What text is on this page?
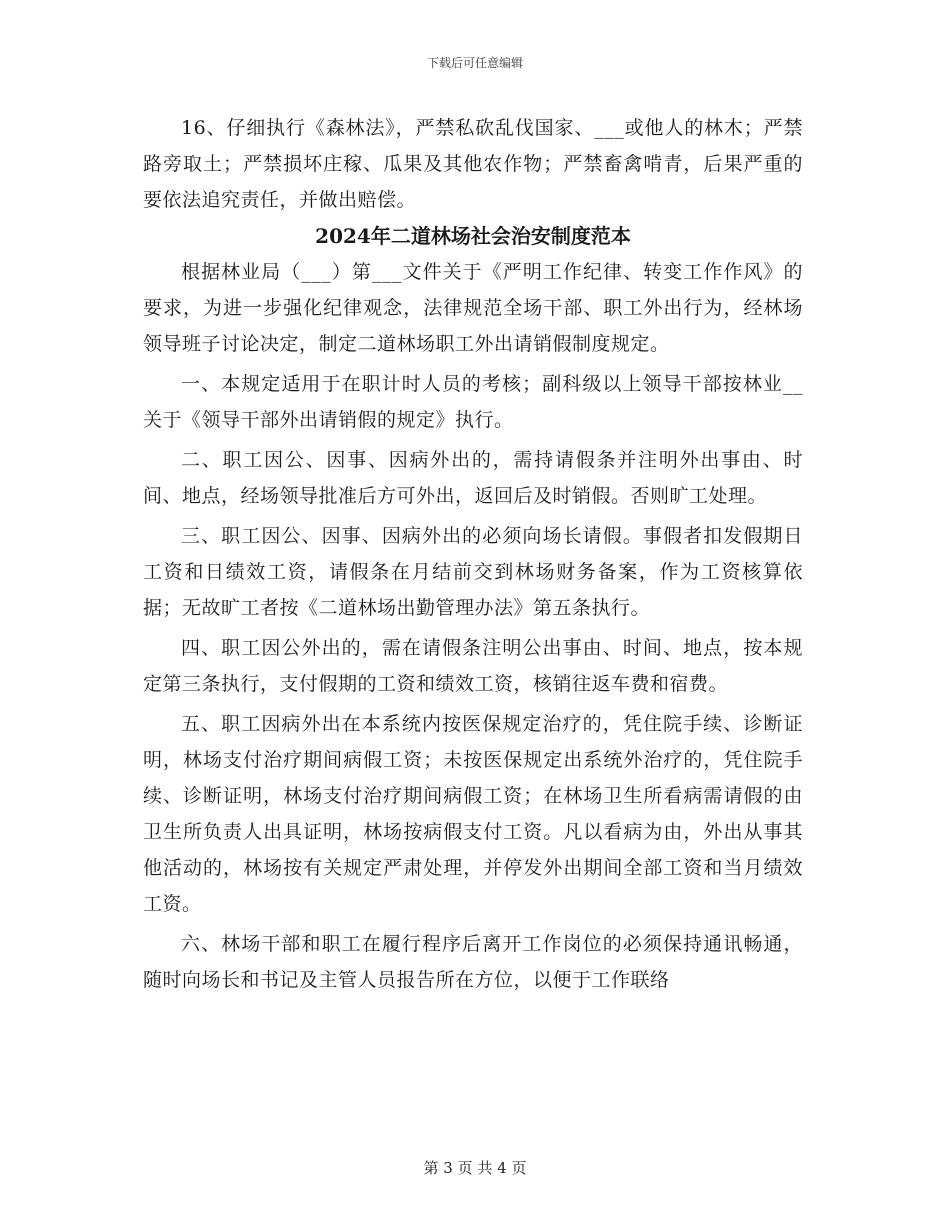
下载后可任意编辑

16、仔细执行《森林法》，严禁私砍乱伐国家、___或他人的林木；严禁路旁取土；严禁损坏庄稼、瓜果及其他农作物；严禁畜禽啃青，后果严重的要依法追究责任，并做出赔偿。

2024年二道林场社会治安制度范本

根据林业局（___）第___文件关于《严明工作纪律、转变工作作风》的要求，为进一步强化纪律观念，法律规范全场干部、职工外出行为，经林场领导班子讨论决定，制定二道林场职工外出请销假制度规定。

一、本规定适用于在职计时人员的考核；副科级以上领导干部按林业__关于《领导干部外出请销假的规定》执行。

二、职工因公、因事、因病外出的，需持请假条并注明外出事由、时间、地点，经场领导批准后方可外出，返回后及时销假。否则旷工处理。

三、职工因公、因事、因病外出的必须向场长请假。事假者扣发假期日工资和日绩效工资，请假条在月结前交到林场财务备案，作为工资核算依据；无故旷工者按《二道林场出勤管理办法》第五条执行。

四、职工因公外出的，需在请假条注明公出事由、时间、地点，按本规定第三条执行，支付假期的工资和绩效工资，核销往返车费和宿费。

五、职工因病外出在本系统内按医保规定治疗的，凭住院手续、诊断证明，林场支付治疗期间病假工资；未按医保规定出系统外治疗的，凭住院手续、诊断证明，林场支付治疗期间病假工资；在林场卫生所看病需请假的由卫生所负责人出具证明，林场按病假支付工资。凡以看病为由，外出从事其他活动的，林场按有关规定严肃处理，并停发外出期间全部工资和当月绩效工资。

六、林场干部和职工在履行程序后离开工作岗位的必须保持通讯畅通，随时向场长和书记及主管人员报告所在方位，以便于工作联络

第 3 页 共 4 页
